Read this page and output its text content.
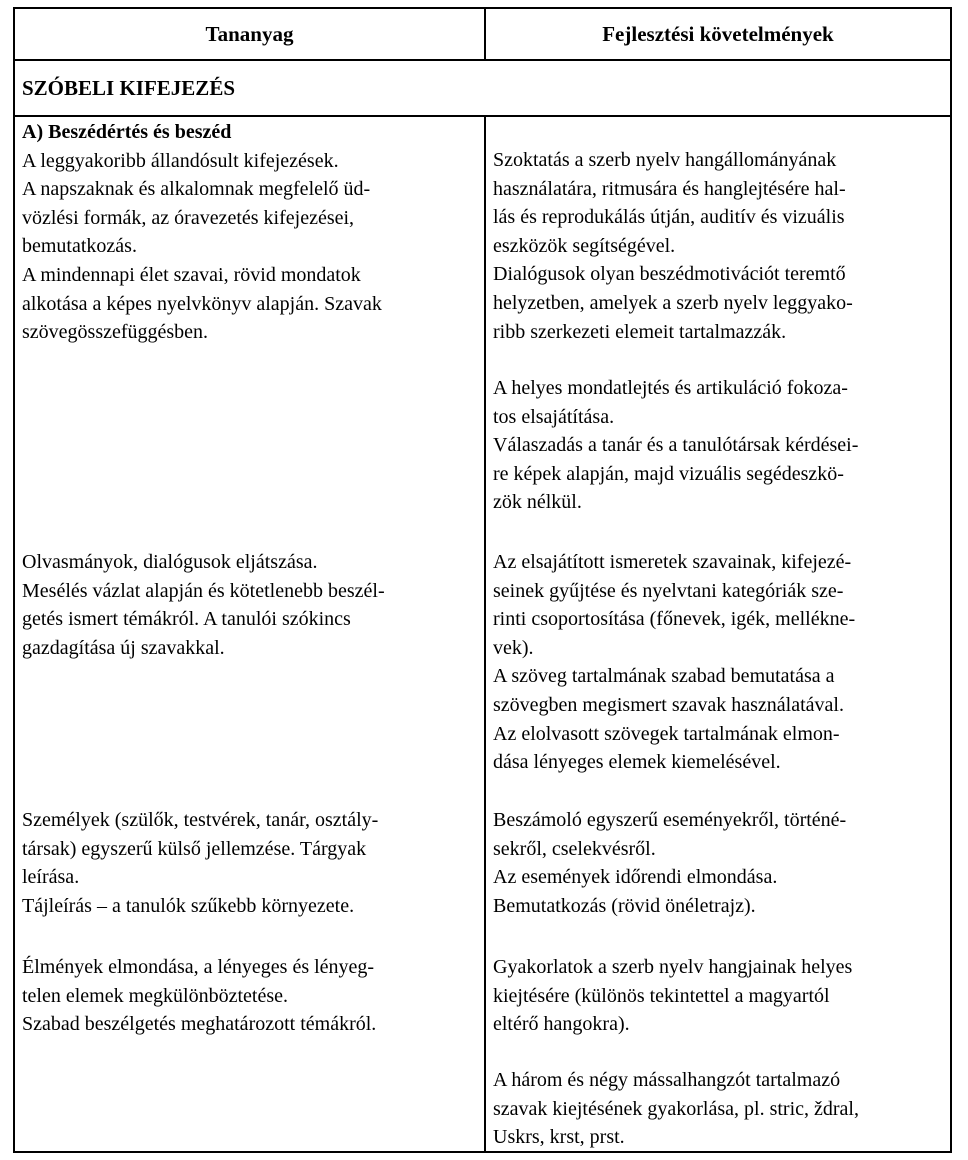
Tananyag	Fejlesztési követelmények
SZÓBELI KIFEJEZÉS
A) Beszédértés és beszéd
A leggyakoribb állandósult kifejezések.
A napszaknak és alkalomnak megfelelő üd-
vözlési formák, az óravezetés kifejezései,
bemutatkozás.
A mindennapi élet szavai, rövid mondatok
alkotása a képes nyelvkönyv alapján. Szavak
szövegösszefüggésben.
Olvasmányok, dialógusok eljátszása.
Mesélés vázlat alapján és kötetlenebb beszél-
getés ismert témákról. A tanulói szókincs
gazdagítása új szavakkal.
Személyek (szülők, testvérek, tanár, osztály-
társak) egyszerű külső jellemzése. Tárgyak
leírása.
Tájleírás – a tanulók szűkebb környezete.
Élmények elmondása, a lényeges és lényeg-
telen elemek megkülönböztetése.
Szabad beszélgetés meghatározott témákról.
Szoktatás a szerb nyelv hangállományának
használatára, ritmusára és hanglejtésére hal-
lás és reprodukálás útján, auditív és vizuális
eszközök segítségével.
Dialógusok olyan beszédmotivációt teremtő
helyzetben, amelyek a szerb nyelv leggyako-
ribb szerkezeti elemeit tartalmazzák.
A helyes mondatlejtés és artikuláció fokoza-
tos elsajátítása.
Válaszadás a tanár és a tanulótársak kérdései-
re képek alapján, majd vizuális segédeszkö-
zök nélkül.
Az elsajátított ismeretek szavainak, kifejezé-
seinek gyűjtése és nyelvtani kategóriák sze-
rinti csoportosítása (főnevek, igék, mellékne-
vek).
A szöveg tartalmának szabad bemutatása a
szövegben megismert szavak használatával.
Az elolvasott szövegek tartalmának elmon-
dása lényeges elemek kiemelésével.
Beszámoló egyszerű eseményekről, történé-
sekről, cselekvésről.
Az események időrendi elmondása.
Bemutatkozás (rövid önéletrajz).
Gyakorlatok a szerb nyelv hangjainak helyes
kiejtésére (különös tekintettel a magyartól
eltérő hangokra).
A három és négy mássalhangzót tartalmazó
szavak kiejtésének gyakorlása, pl. stric, ždral,
Uskrs, krst, prst.
